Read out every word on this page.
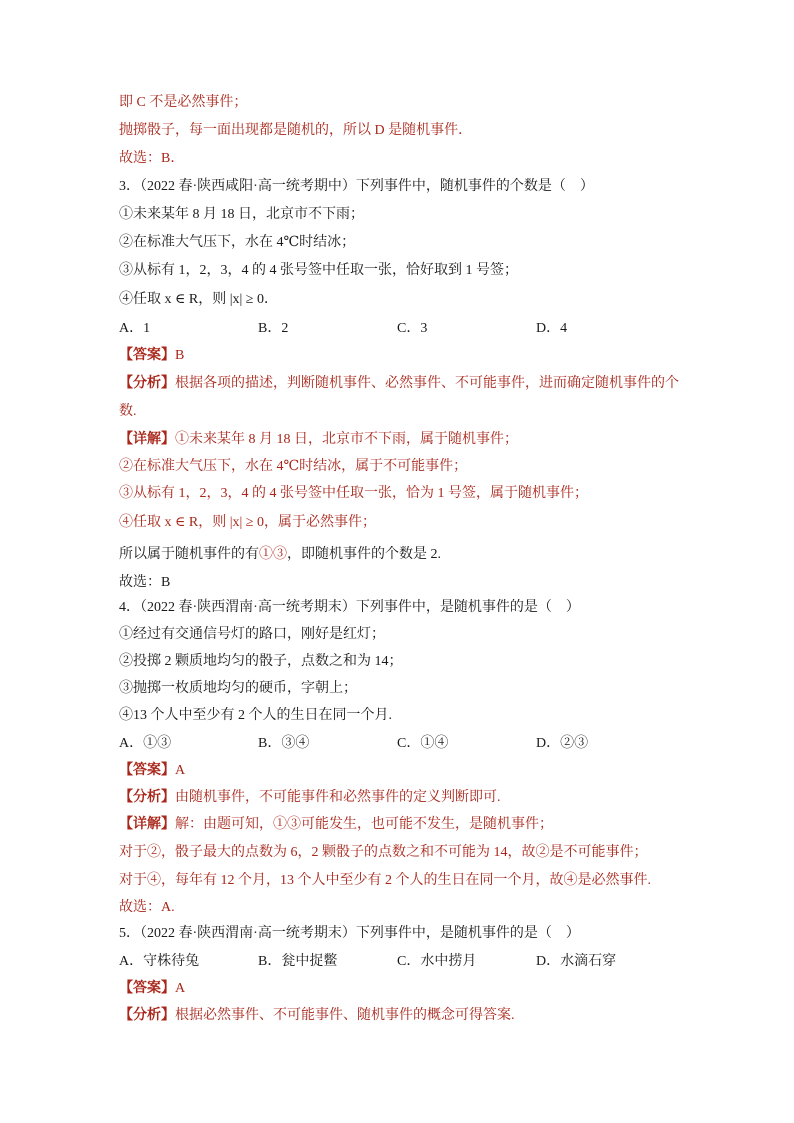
即 C 不是必然事件；
抛掷骰子，每一面出现都是随机的，所以 D 是随机事件．
故选：B．
3．（2022 春·陕西咸阳·高一统考期中）下列事件中，随机事件的个数是（　）
①未来某年 8 月 18 日，北京市不下雨；
②在标准大气压下，水在 4℃时结冰；
③从标有 1，2，3，4 的 4 张号签中任取一张，恰好取到 1 号签；
④任取 x ∈ R，则 |x| ≥ 0．
A．1	B．2	C．3	D．4
【答案】B
【分析】根据各项的描述，判断随机事件、必然事件、不可能事件，进而确定随机事件的个
数.
【详解】①未来某年 8 月 18 日，北京市不下雨，属于随机事件；
②在标准大气压下，水在 4℃时结冰，属于不可能事件；
③从标有 1，2，3，4 的 4 张号签中任取一张，恰为 1 号签，属于随机事件；
④任取 x ∈ R，则 |x| ≥ 0，属于必然事件；
所以属于随机事件的有①③，即随机事件的个数是 2.
故选：B
4．（2022 春·陕西渭南·高一统考期末）下列事件中，是随机事件的是（　）
①经过有交通信号灯的路口，刚好是红灯；
②投掷 2 颗质地均匀的骰子，点数之和为 14；
③抛掷一枚质地均匀的硬币，字朝上；
④13 个人中至少有 2 个人的生日在同一个月.
A．①③	B．③④	C．①④	D．②③
【答案】A
【分析】由随机事件，不可能事件和必然事件的定义判断即可.
【详解】解：由题可知，①③可能发生，也可能不发生，是随机事件；
对于②，骰子最大的点数为 6，2 颗骰子的点数之和不可能为 14，故②是不可能事件；
对于④，每年有 12 个月，13 个人中至少有 2 个人的生日在同一个月，故④是必然事件.
故选：A.
5．（2022 春·陕西渭南·高一统考期末）下列事件中，是随机事件的是（　）
A．守株待兔	B．瓮中捉鳖	C．水中捞月	D．水滴石穿
【答案】A
【分析】根据必然事件、不可能事件、随机事件的概念可得答案.
